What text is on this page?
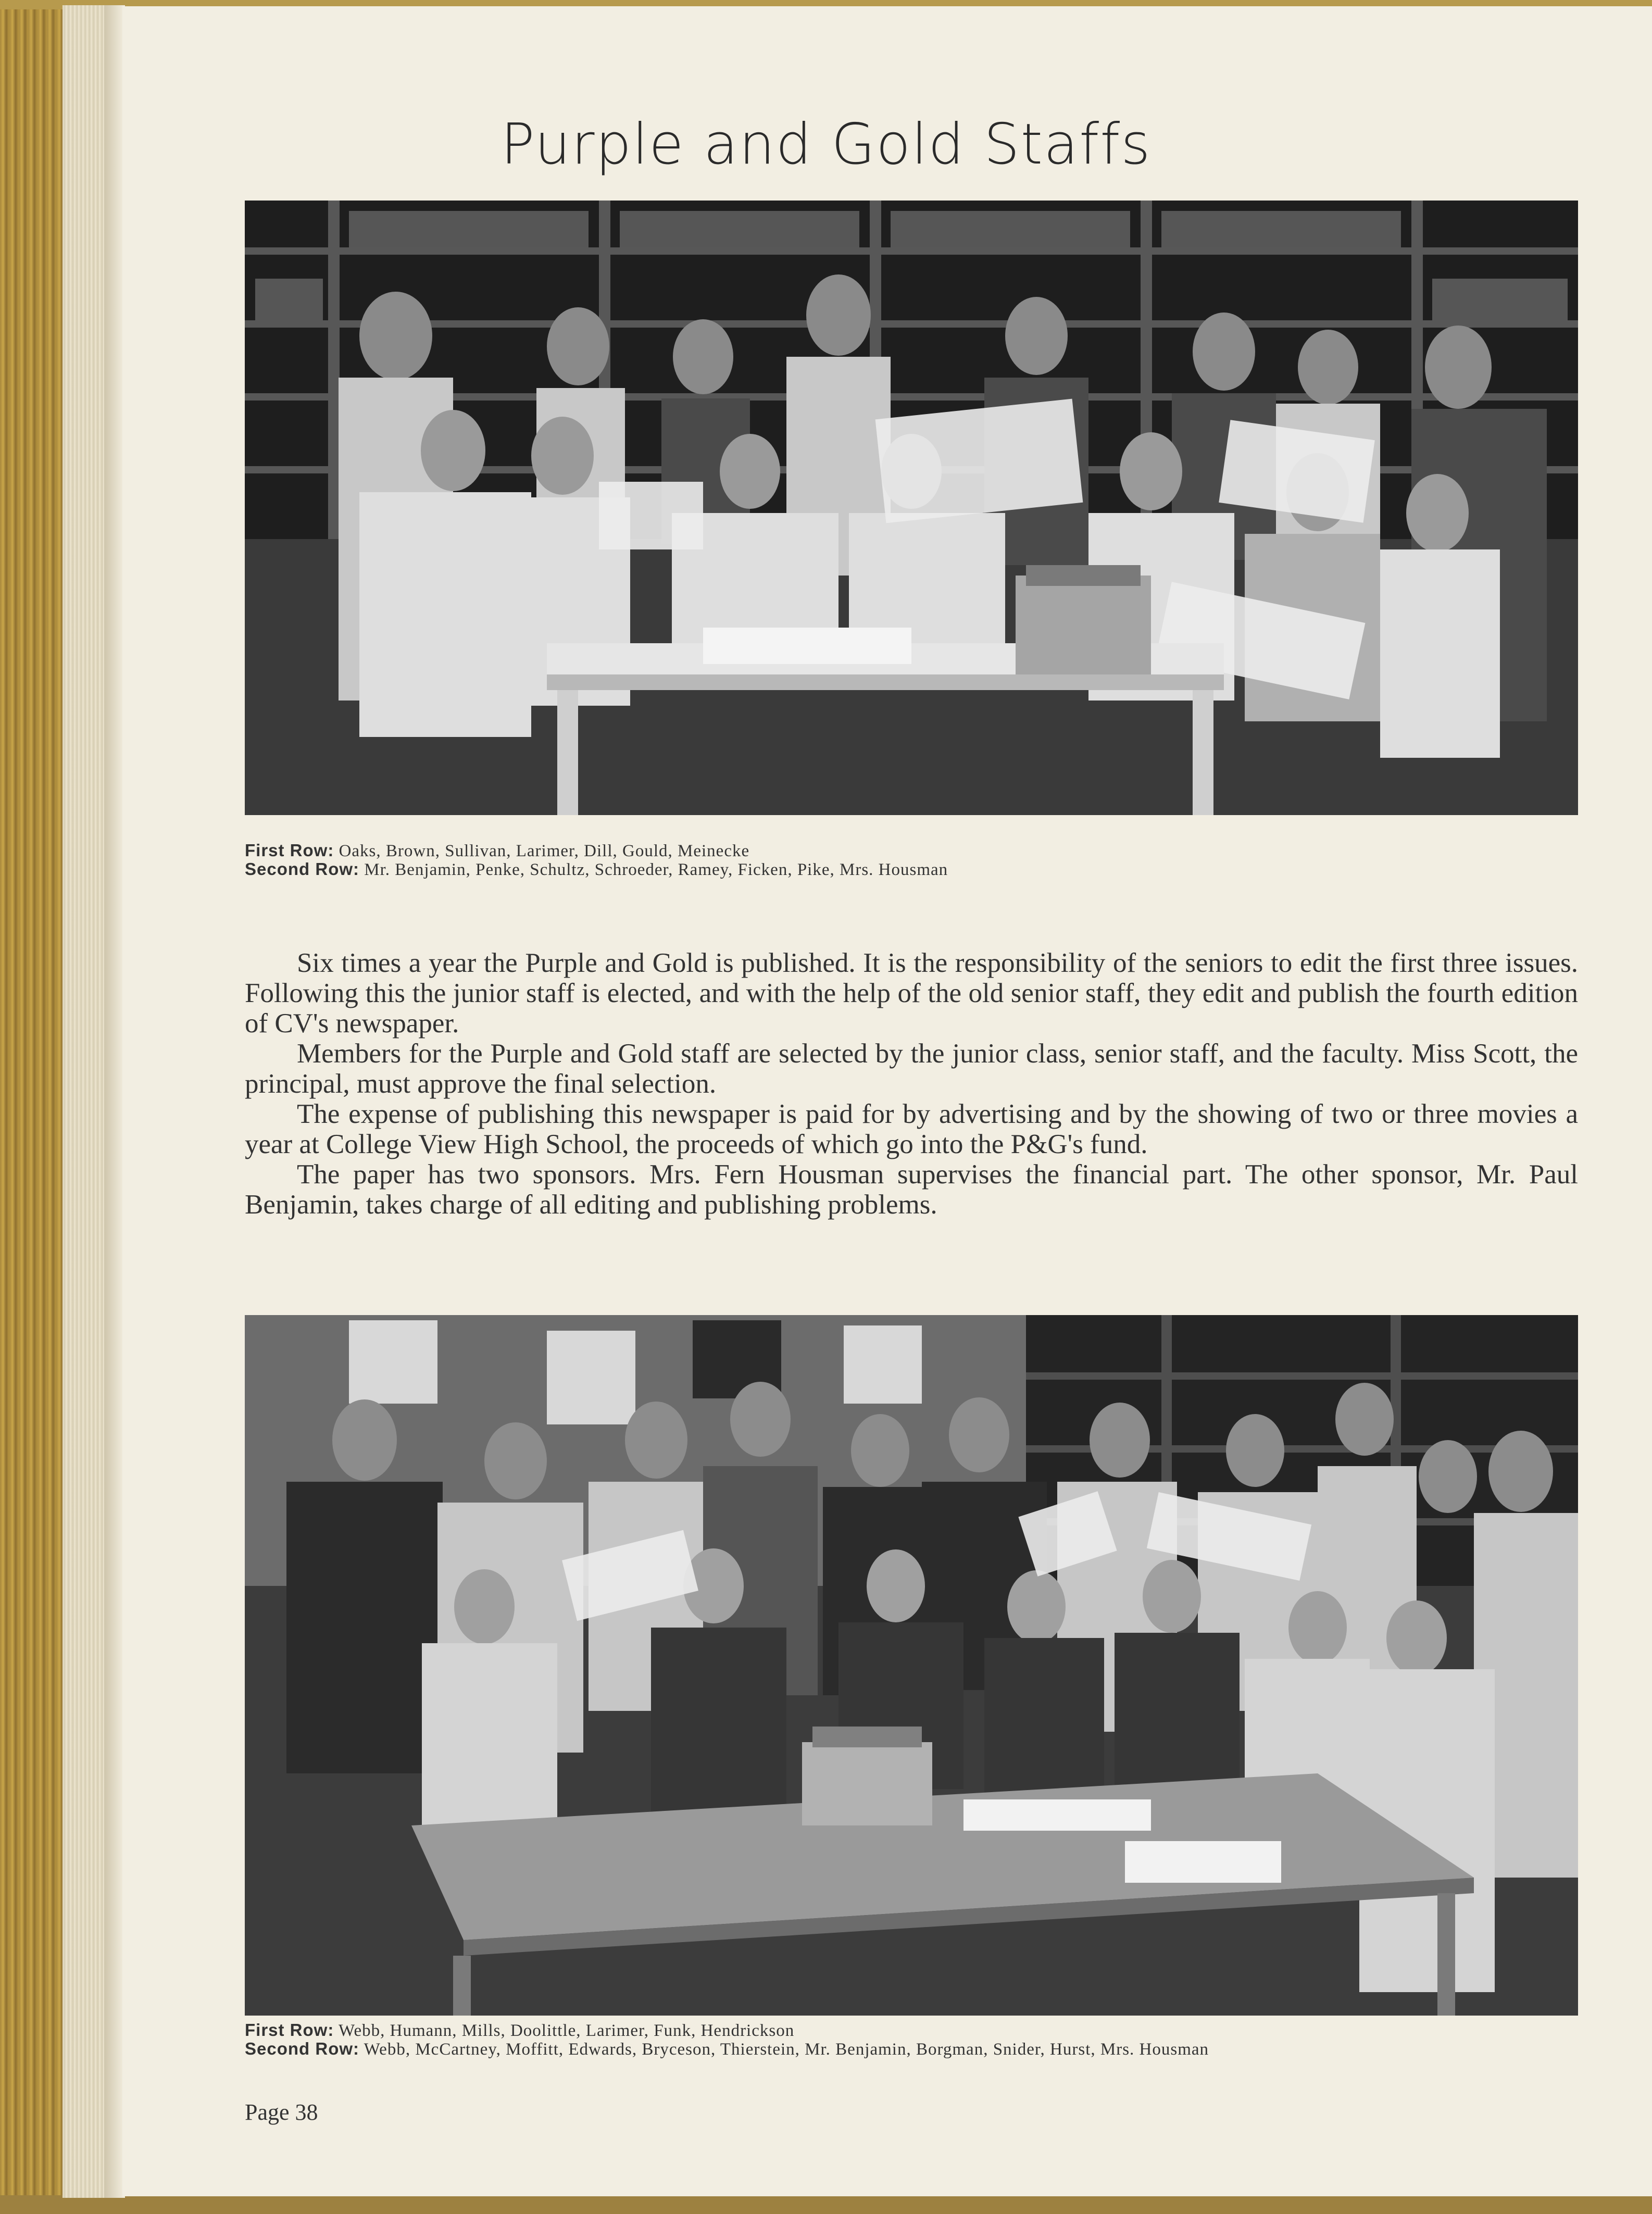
Purple and Gold Staffs
First Row: Oaks, Brown, Sullivan, Larimer, Dill, Gould, Meinecke
Second Row: Mr. Benjamin, Penke, Schultz, Schroeder, Ramey, Ficken, Pike, Mrs. Housman

Six times a year the Purple and Gold is published. It is the responsibility of the seniors to edit the first three issues. Following this the junior staff is elected, and with the help of the old senior staff, they edit and publish the fourth edition of CV's newspaper.

Members for the Purple and Gold staff are selected by the junior class, senior staff, and the faculty. Miss Scott, the principal, must approve the final selection.

The expense of publishing this newspaper is paid for by advertising and by the showing of two or three movies a year at College View High School, the proceeds of which go into the P&G's fund.

The paper has two sponsors. Mrs. Fern Housman supervises the financial part. The other sponsor, Mr. Paul Benjamin, takes charge of all editing and publishing problems.

First Row: Webb, Humann, Mills, Doolittle, Larimer, Funk, Hendrickson
Second Row: Webb, McCartney, Moffitt, Edwards, Bryceson, Thierstein, Mr. Benjamin, Borgman, Snider, Hurst, Mrs. Housman
Page 38
